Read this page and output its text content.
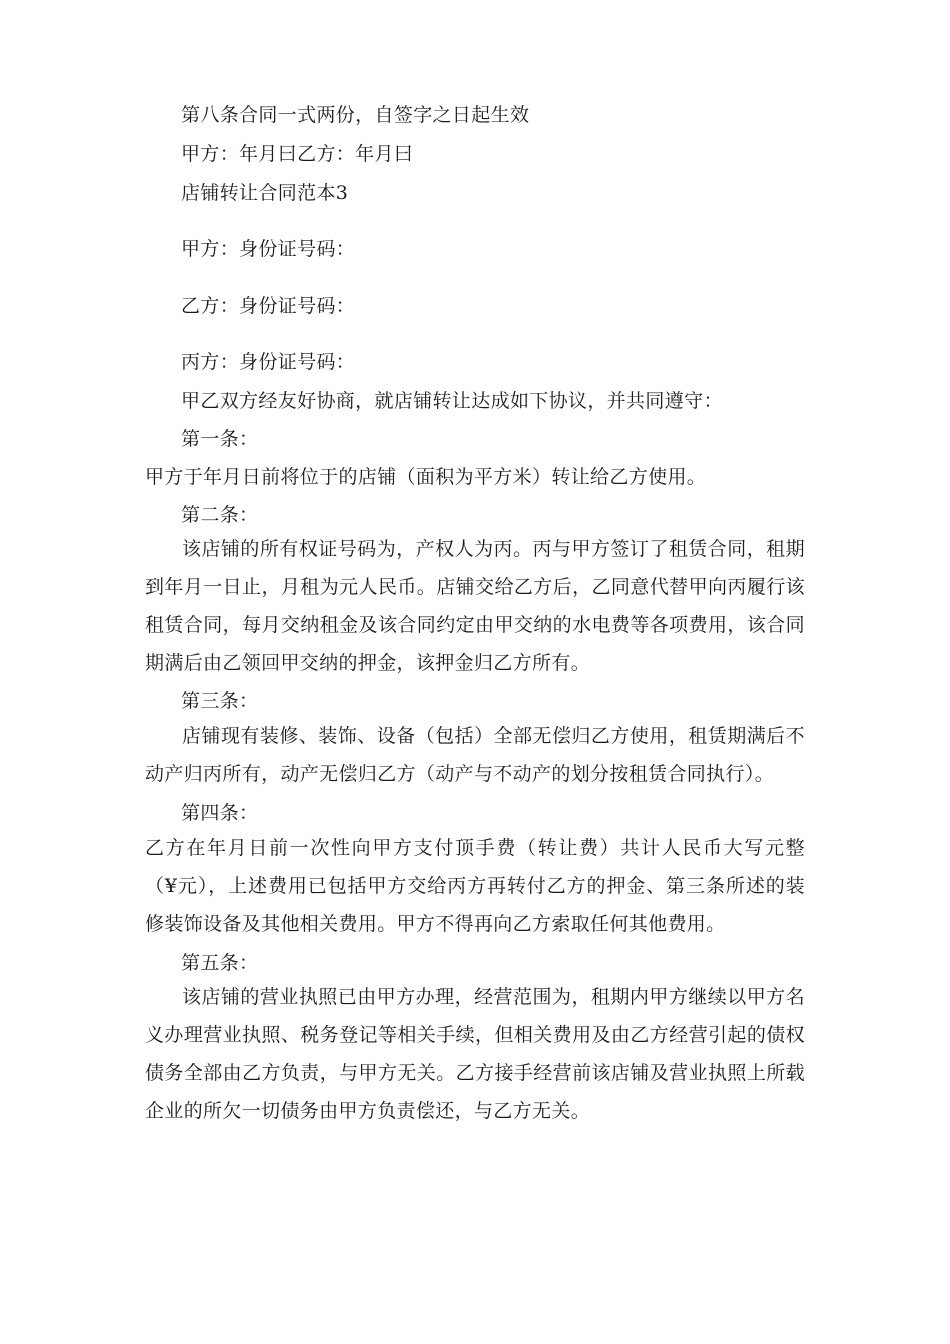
第八条合同一式两份，自签字之日起生效
甲方：年月曰乙方：年月曰
店铺转让合同范本3
甲方：身份证号码：
乙方：身份证号码：
丙方：身份证号码：
甲乙双方经友好协商，就店铺转让达成如下协议，并共同遵守：
第一条：
甲方于年月日前将位于的店铺（面积为平方米）转让给乙方使用。
第二条：
该店铺的所有权证号码为，产权人为丙。丙与甲方签订了租赁合同，租期到年月一日止，月租为元人民币。店铺交给乙方后，乙同意代替甲向丙履行该租赁合同，每月交纳租金及该合同约定由甲交纳的水电费等各项费用，该合同期满后由乙领回甲交纳的押金，该押金归乙方所有。
第三条：
店铺现有装修、装饰、设备（包括）全部无偿归乙方使用，租赁期满后不动产归丙所有，动产无偿归乙方（动产与不动产的划分按租赁合同执行）。
第四条：
乙方在年月日前一次性向甲方支付顶手费（转让费）共计人民币大写元整（¥元），上述费用已包括甲方交给丙方再转付乙方的押金、第三条所述的装修装饰设备及其他相关费用。甲方不得再向乙方索取任何其他费用。
第五条：
该店铺的营业执照已由甲方办理，经营范围为，租期内甲方继续以甲方名义办理营业执照、税务登记等相关手续，但相关费用及由乙方经营引起的债权债务全部由乙方负责，与甲方无关。乙方接手经营前该店铺及营业执照上所载企业的所欠一切债务由甲方负责偿还，与乙方无关。
